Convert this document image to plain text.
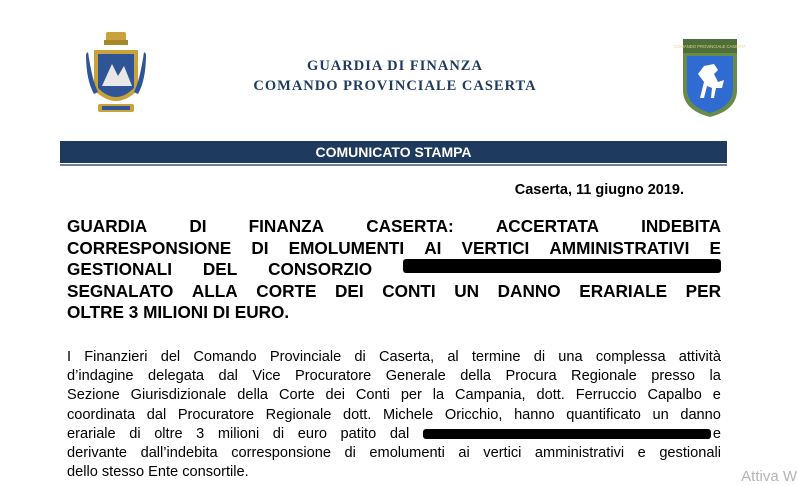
GUARDIA DI FINANZA
COMANDO PROVINCIALE CASERTA
COMANDO PROVINCIALE CASERTA
COMUNICATO STAMPA
Caserta, 11 giugno 2019.
GUARDIA DI FINANZA CASERTA: ACCERTATA INDEBITA
CORRESPONSIONE DI EMOLUMENTI AI VERTICI AMMINISTRATIVI E
GESTIONALI DEL CONSORZIO
SEGNALATO ALLA CORTE DEI CONTI UN DANNO ERARIALE PER
OLTRE 3 MILIONI DI EURO.
I Finanzieri del Comando Provinciale di Caserta, al termine di una complessa attività
d’indagine delegata dal Vice Procuratore Generale della Procura Regionale presso la
Sezione Giurisdizionale della Corte dei Conti per la Campania, dott. Ferruccio Capalbo e
coordinata dal Procuratore Regionale dott. Michele Oricchio, hanno quantificato un danno
erariale di oltre 3 milioni di euro patito dal	e
derivante dall’indebita corresponsione di emolumenti ai vertici amministrativi e gestionali
dello stesso Ente consortile.	Attiva W
